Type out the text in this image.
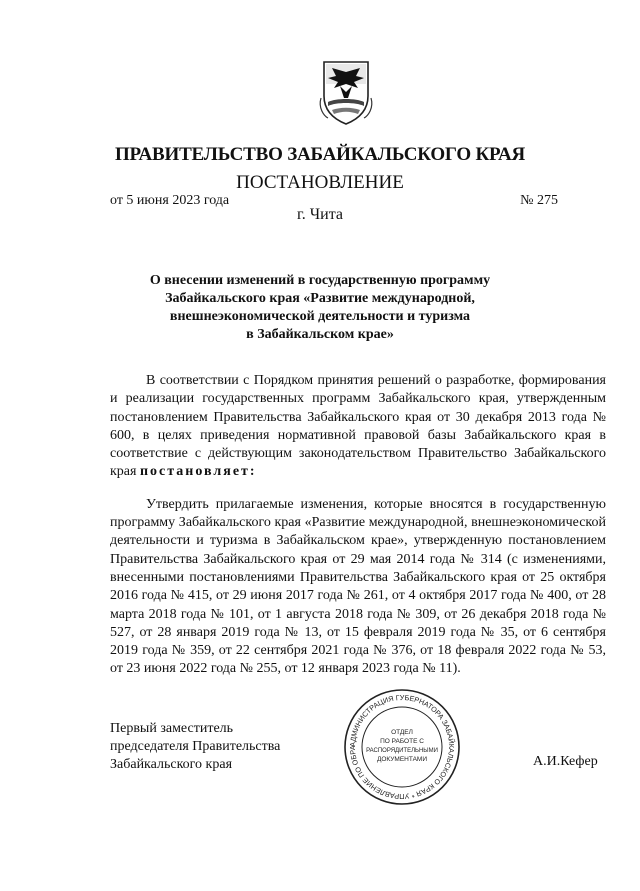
ПРАВИТЕЛЬСТВО ЗАБАЙКАЛЬСКОГО КРАЯ
ПОСТАНОВЛЕНИЕ
от 5 июня 2023 года	№ 275
г. Чита
О внесении изменений в государственную программу
Забайкальского края «Развитие международной,
внешнеэкономической деятельности и туризма
в Забайкальском крае»

В соответствии с Порядком принятия решений о разработке, формирования и реализации государственных программ Забайкальского края, утвержденным постановлением Правительства Забайкальского края от 30 декабря 2013 года № 600, в целях приведения нормативной правовой базы Забайкальского края в соответствие с действующим законодательством Правительство Забайкальского края постановляет:

Утвердить прилагаемые изменения, которые вносятся в государственную программу Забайкальского края «Развитие международной, внешнеэкономической деятельности и туризма в Забайкальском крае», утвержденную постановлением Правительства Забайкальского края от 29 мая 2014 года № 314 (с изменениями, внесенными постановлениями Правительства Забайкальского края от 25 октября 2016 года № 415, от 29 июня 2017 года № 261, от 4 октября 2017 года № 400, от 28 марта 2018 года № 101, от 1 августа 2018 года № 309, от 26 декабря 2018 года № 527, от 28 января 2019 года № 13, от 15 февраля 2019 года № 35, от 6 сентября 2019 года № 359, от 22 сентября 2021 года № 376, от 18 февраля 2022 года № 53, от 23 июня 2022 года № 255, от 12 января 2023 года № 11).

Первый заместитель
председателя Правительства
Забайкальского края
АДМИНИСТРАЦИЯ ГУБЕРНАТОРА ЗАБАЙКАЛЬСКОГО КРАЯ * УПРАВЛЕНИЕ ПО ОБРА
ОТДЕЛ
ПО РАБОТЕ С
РАСПОРЯДИТЕЛЬНЫМИ
ДОКУМЕНТАМИ	А.И.Кефер
